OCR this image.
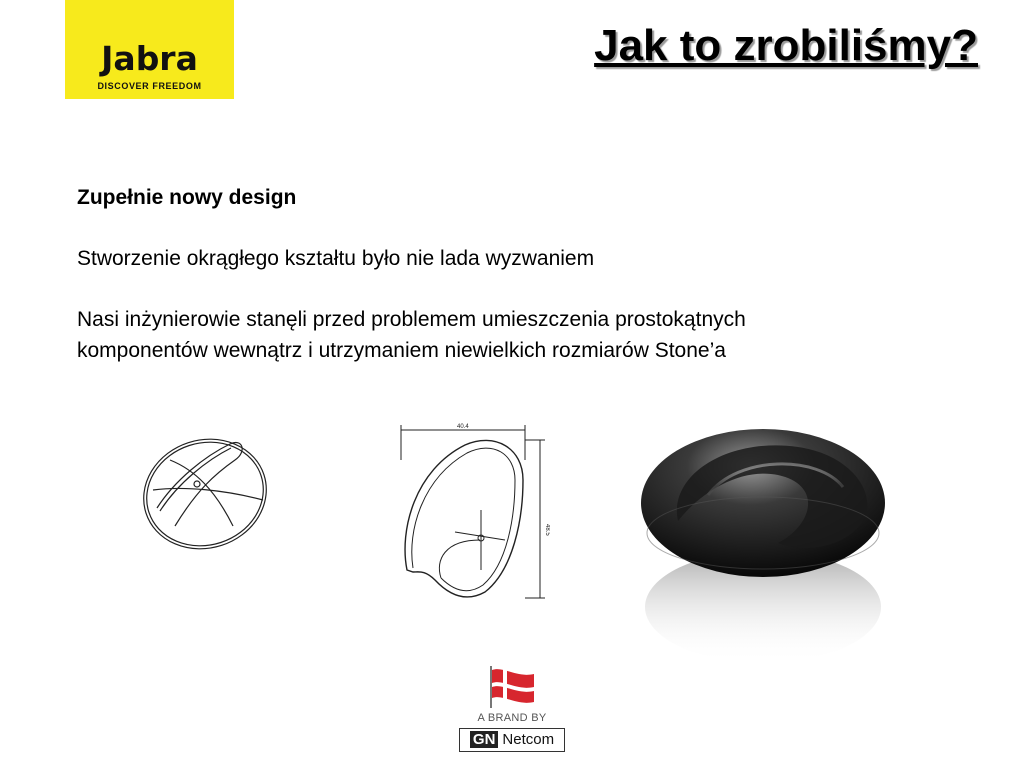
Jabra
DISCOVER FREEDOM
Jak to zrobiliśmy?

Zupełnie nowy design

Stworzenie okrągłego kształtu było nie lada wyzwaniem

Nasi inżynierowie stanęli przed problemem umieszczenia prostokątnych

komponentów wewnątrz i utrzymaniem niewielkich rozmiarów Stone’a

40.4
48.5
A BRAND BY
GN Netcom
